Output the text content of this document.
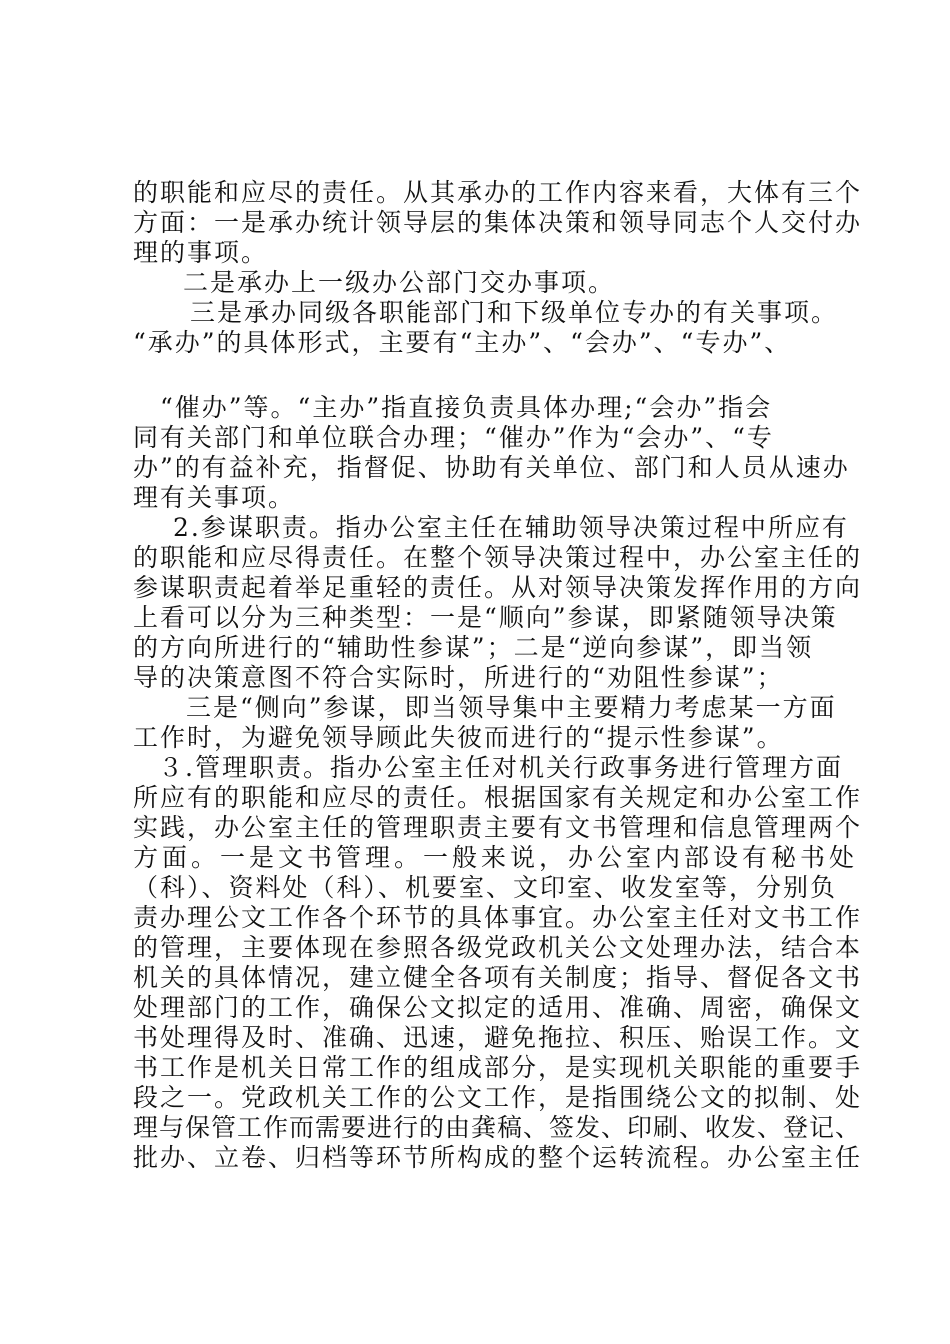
的职能和应尽的责任。从其承办的工作内容来看，大体有三个
方面：一是承办统计领导层的集体决策和领导同志个人交付办
理的事项。
二是承办上一级办公部门交办事项。
三是承办同级各职能部门和下级单位专办的有关事项。
“承办”的具体形式，主要有“主办”、“会办”、“专办”、
“催办”等。“主办”指直接负责具体办理;“会办”指会
同有关部门和单位联合办理；“催办”作为“会办”、“专
办”的有益补充，指督促、协助有关单位、部门和人员从速办
理有关事项。
2.参谋职责。指办公室主任在辅助领导决策过程中所应有
的职能和应尽得责任。在整个领导决策过程中，办公室主任的
参谋职责起着举足重轻的责任。从对领导决策发挥作用的方向
上看可以分为三种类型：一是“顺向”参谋，即紧随领导决策
的方向所进行的“辅助性参谋”；二是“逆向参谋”，即当领
导的决策意图不符合实际时，所进行的“劝阻性参谋”；
三是“侧向”参谋，即当领导集中主要精力考虑某一方面
工作时，为避免领导顾此失彼而进行的“提示性参谋”。
３.管理职责。指办公室主任对机关行政事务进行管理方面
所应有的职能和应尽的责任。根据国家有关规定和办公室工作
实践，办公室主任的管理职责主要有文书管理和信息管理两个
方面。一是文书管理。一般来说，办公室内部设有秘书处
（科）、资料处（科）、机要室、文印室、收发室等，分别负
责办理公文工作各个环节的具体事宜。办公室主任对文书工作
的管理，主要体现在参照各级党政机关公文处理办法，结合本
机关的具体情况，建立健全各项有关制度；指导、督促各文书
处理部门的工作，确保公文拟定的适用、准确、周密，确保文
书处理得及时、准确、迅速，避免拖拉、积压、贻误工作。文
书工作是机关日常工作的组成部分，是实现机关职能的重要手
段之一。党政机关工作的公文工作，是指围绕公文的拟制、处
理与保管工作而需要进行的由龚稿、签发、印刷、收发、登记、
批办、立卷、归档等环节所构成的整个运转流程。办公室主任
